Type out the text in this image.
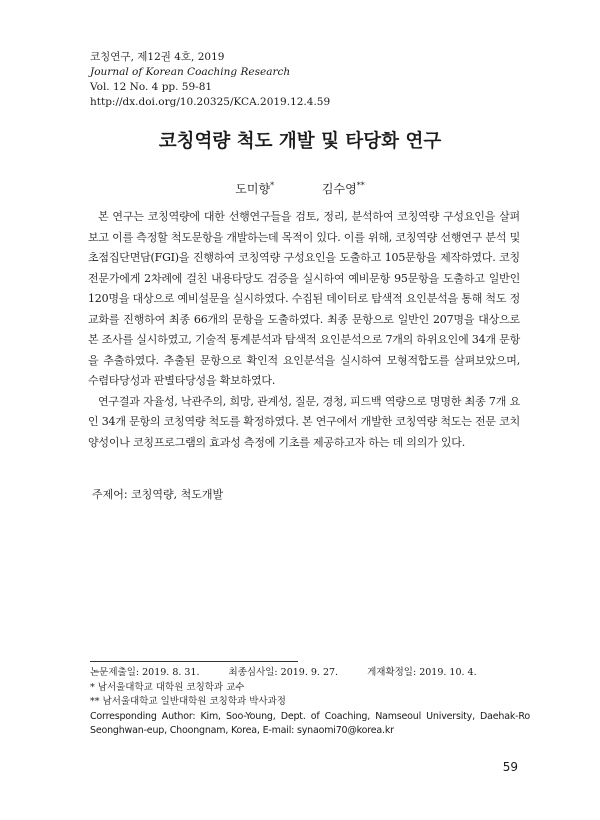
코칭연구, 제12권 4호, 2019
Journal of Korean Coaching Research
Vol. 12 No. 4 pp. 59-81
http://dx.doi.org/10.20325/KCA.2019.12.4.59
코칭역량 척도 개발 및 타당화 연구
도미향*	김수영**

본 연구는 코칭역량에 대한 선행연구들을 검토, 정리, 분석하여 코칭역량 구성요인을 살펴보고 이를 측정할 척도문항을 개발하는데 목적이 있다. 이를 위해, 코칭역량 선행연구 분석 및 초점집단면담(FGI)을 진행하여 코칭역량 구성요인을 도출하고 105문항을 제작하였다. 코칭전문가에게 2차례에 걸친 내용타당도 검증을 실시하여 예비문항 95문항을 도출하고 일반인 120명을 대상으로 예비설문을 실시하였다. 수집된 데이터로 탐색적 요인분석을 통해 척도 정교화를 진행하여 최종 66개의 문항을 도출하였다. 최종 문항으로 일반인 207명을 대상으로 본 조사를 실시하였고, 기술적 통계분석과 탐색적 요인분석으로 7개의 하위요인에 34개 문항을 추출하였다. 추출된 문항으로 확인적 요인분석을 실시하여 모형적합도를 살펴보았으며, 수렴타당성과 판별타당성을 확보하였다.

연구결과 자율성, 낙관주의, 희망, 관계성, 질문, 경청, 피드백 역량으로 명명한 최종 7개 요인 34개 문항의 코칭역량 척도를 확정하였다. 본 연구에서 개발한 코칭역량 척도는 전문 코치 양성이나 코칭프로그램의 효과성 측정에 기초를 제공하고자 하는 데 의의가 있다.

주제어: 코칭역량, 척도개발
논문제출일: 2019. 8. 31.	최종심사일: 2019. 9. 27.	게재확정일: 2019. 10. 4.
* 남서울대학교 대학원 코칭학과 교수
** 남서울대학교 일반대학원 코칭학과 박사과정
Corresponding Author: Kim, Soo-Young, Dept. of Coaching, Namseoul University, Daehak-Ro Seonghwan-eup, Choongnam, Korea, E-mail: synaomi70@korea.kr
59
